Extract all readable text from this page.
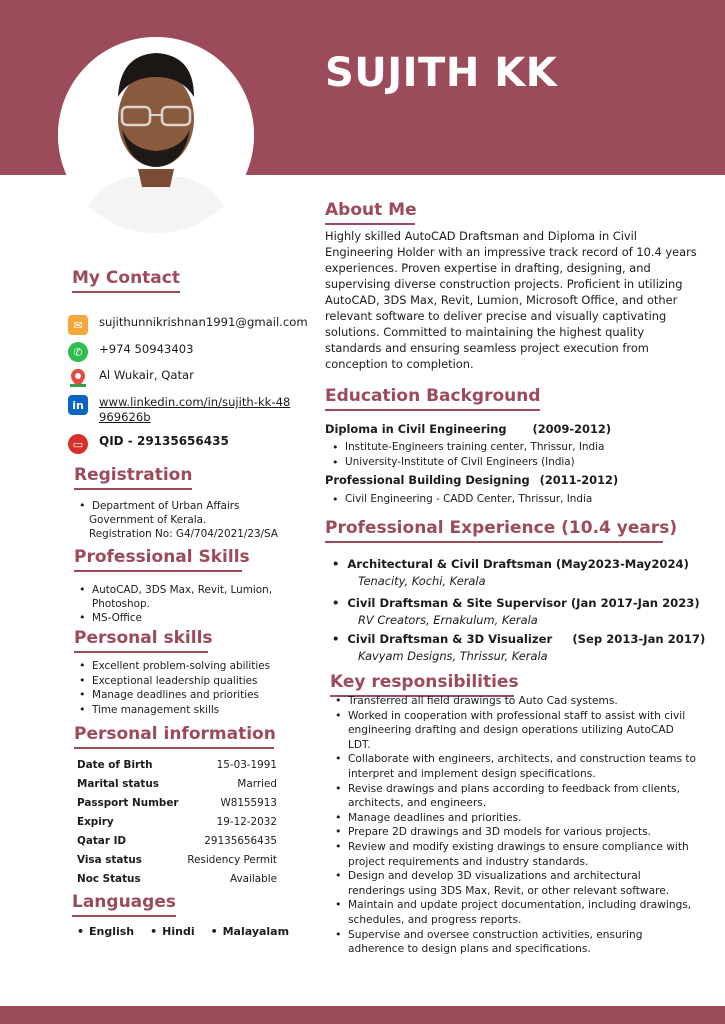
SUJITH KK
My Contact
✉	sujithunnikrishnan1991@gmail.com
✆	+974 50943403
Al Wukair, Qatar
in	www.linkedin.com/in/sujith-kk-48969626b
▭	QID - 29135656435
Registration
• Department of Urban Affairs
Government of Kerala.
Registration No: G4/704/2021/23/SA
Professional Skills
• AutoCAD, 3DS Max, Revit, Lumion, Photoshop.
• MS-Office
Personal skills
• Excellent problem-solving abilities
• Exceptional leadership qualities
• Manage deadlines and priorities
• Time management skills
Personal information
Date of Birth	15-03-1991
Marital status	Married
Passport Number	W8155913
Expiry	19-12-2032
Qatar ID	29135656435
Visa status	Residency Permit
Noc Status	Available
Languages
• English	• Hindi	• Malayalam
About Me
Highly skilled AutoCAD Draftsman and Diploma in Civil Engineering Holder with an impressive track record of 10.4 years experiences. Proven expertise in drafting, designing, and supervising diverse construction projects. Proficient in utilizing AutoCAD, 3DS Max, Revit, Lumion, Microsoft Office, and other relevant software to deliver precise and visually captivating solutions. Committed to maintaining the highest quality standards and ensuring seamless project execution from conception to completion.
Education Background
Diploma in Civil Engineering (2009-2012)
• Institute-Engineers training center, Thrissur, India
• University-Institute of Civil Engineers (India)
Professional Building Designing (2011-2012)
• Civil Engineering - CADD Center, Thrissur, India
Professional Experience (10.4 years)
• Architectural & Civil Draftsman (May2023-May2024)
Tenacity, Kochi, Kerala
• Civil Draftsman & Site Supervisor (Jan 2017-Jan 2023)
RV Creators, Ernakulum, Kerala
• Civil Draftsman & 3D Visualizer     (Sep 2013-Jan 2017)
Kavyam Designs, Thrissur, Kerala
Key responsibilities
• Transferred all field drawings to Auto Cad systems.
• Worked in cooperation with professional staff to assist with civil engineering drafting and design operations utilizing AutoCAD LDT.
• Collaborate with engineers, architects, and construction teams to interpret and implement design specifications.
• Revise drawings and plans according to feedback from clients, architects, and engineers.
• Manage deadlines and priorities.
• Prepare 2D drawings and 3D models for various projects.
• Review and modify existing drawings to ensure compliance with project requirements and industry standards.
• Design and develop 3D visualizations and architectural renderings using 3DS Max, Revit, or other relevant software.
• Maintain and update project documentation, including drawings, schedules, and progress reports.
• Supervise and oversee construction activities, ensuring adherence to design plans and specifications.
